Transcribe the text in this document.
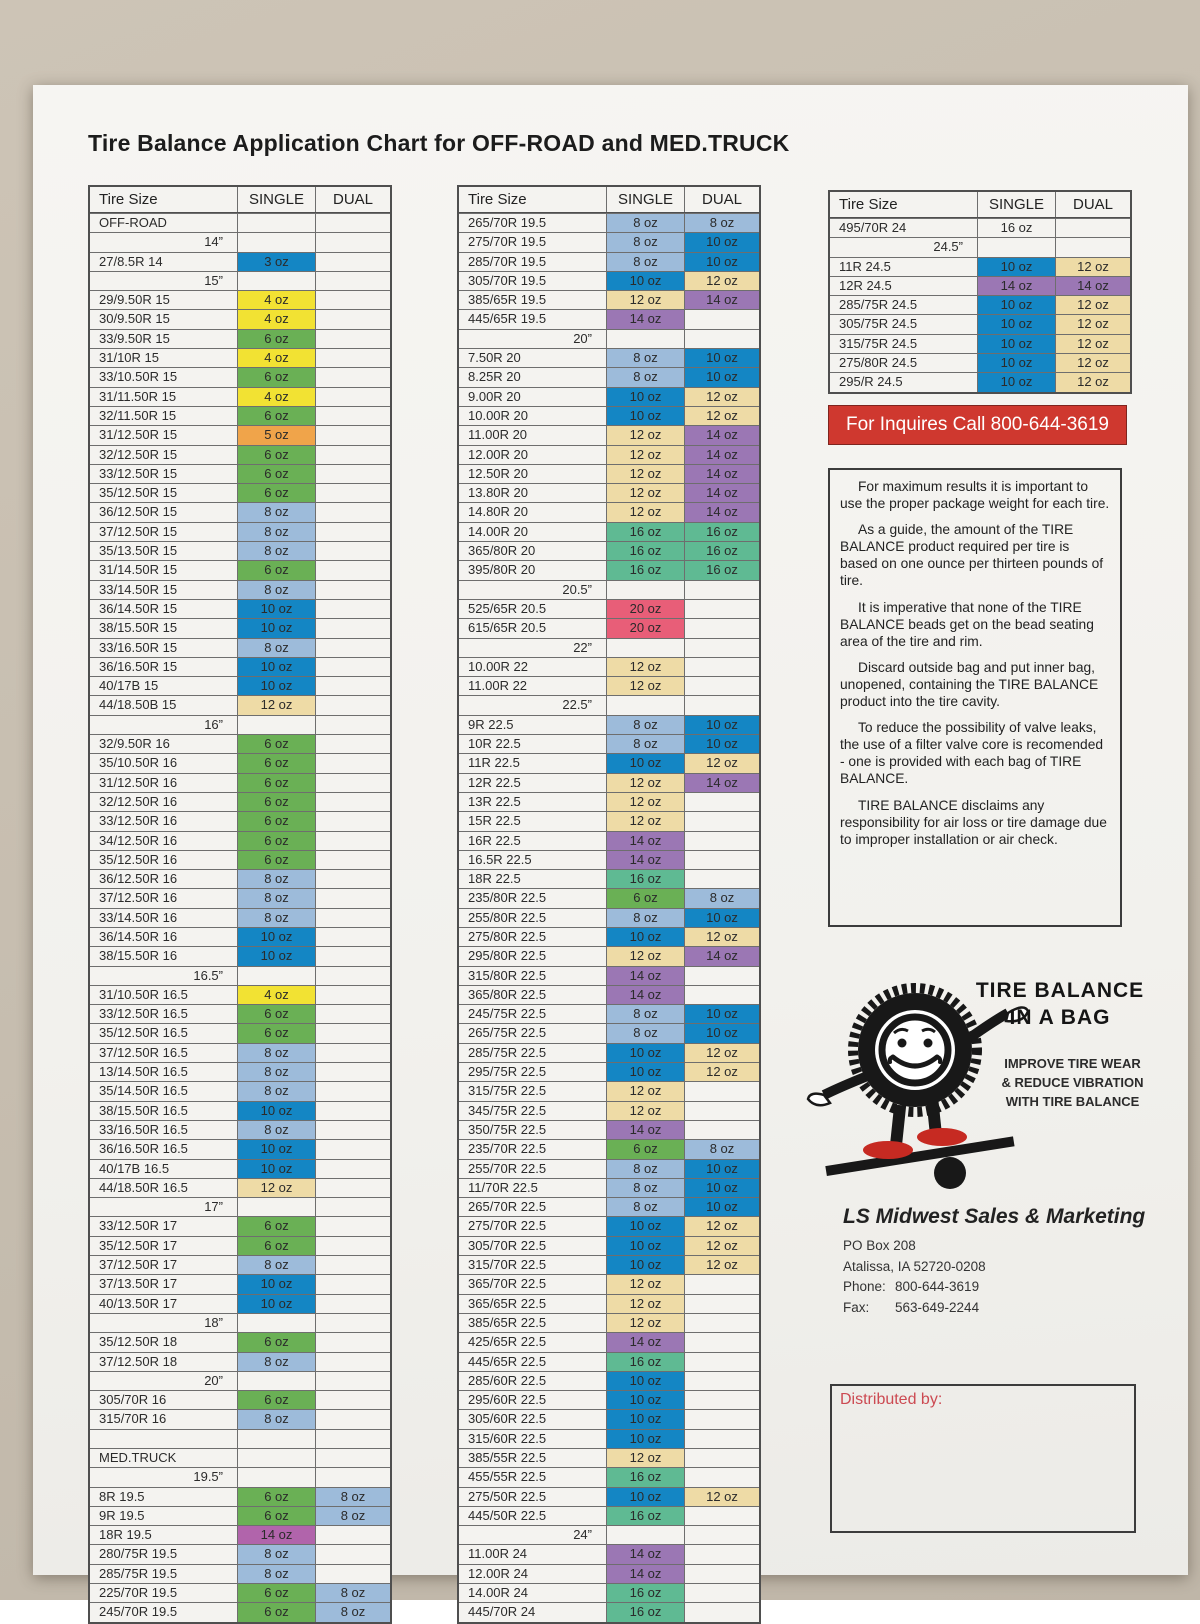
Tire Balance Application Chart for OFF-ROAD and MED.TRUCK
Tire Size	SINGLE	DUAL
OFF-ROAD
14”
27/8.5R 14	3 oz
15”
29/9.50R 15	4 oz
30/9.50R 15	4 oz
33/9.50R 15	6 oz
31/10R 15	4 oz
33/10.50R 15	6 oz
31/11.50R 15	4 oz
32/11.50R 15	6 oz
31/12.50R 15	5 oz
32/12.50R 15	6 oz
33/12.50R 15	6 oz
35/12.50R 15	6 oz
36/12.50R 15	8 oz
37/12.50R 15	8 oz
35/13.50R 15	8 oz
31/14.50R 15	6 oz
33/14.50R 15	8 oz
36/14.50R 15	10 oz
38/15.50R 15	10 oz
33/16.50R 15	8 oz
36/16.50R 15	10 oz
40/17B 15	10 oz
44/18.50B 15	12 oz
16”
32/9.50R 16	6 oz
35/10.50R 16	6 oz
31/12.50R 16	6 oz
32/12.50R 16	6 oz
33/12.50R 16	6 oz
34/12.50R 16	6 oz
35/12.50R 16	6 oz
36/12.50R 16	8 oz
37/12.50R 16	8 oz
33/14.50R 16	8 oz
36/14.50R 16	10 oz
38/15.50R 16	10 oz
16.5”
31/10.50R 16.5	4 oz
33/12.50R 16.5	6 oz
35/12.50R 16.5	6 oz
37/12.50R 16.5	8 oz
13/14.50R 16.5	8 oz
35/14.50R 16.5	8 oz
38/15.50R 16.5	10 oz
33/16.50R 16.5	8 oz
36/16.50R 16.5	10 oz
40/17B 16.5	10 oz
44/18.50R 16.5	12 oz
17”
33/12.50R 17	6 oz
35/12.50R 17	6 oz
37/12.50R 17	8 oz
37/13.50R 17	10 oz
40/13.50R 17	10 oz
18”
35/12.50R 18	6 oz
37/12.50R 18	8 oz
20”
305/70R 16	6 oz
315/70R 16	8 oz
MED.TRUCK
19.5”
8R 19.5	6 oz	8 oz
9R 19.5	6 oz	8 oz
18R 19.5	14 oz
280/75R 19.5	8 oz
285/75R 19.5	8 oz
225/70R 19.5	6 oz	8 oz
245/70R 19.5	6 oz	8 oz
Tire Size	SINGLE	DUAL
265/70R 19.5	8 oz	8 oz
275/70R 19.5	8 oz	10 oz
285/70R 19.5	8 oz	10 oz
305/70R 19.5	10 oz	12 oz
385/65R 19.5	12 oz	14 oz
445/65R 19.5	14 oz
20”
7.50R 20	8 oz	10 oz
8.25R 20	8 oz	10 oz
9.00R 20	10 oz	12 oz
10.00R 20	10 oz	12 oz
11.00R 20	12 oz	14 oz
12.00R 20	12 oz	14 oz
12.50R 20	12 oz	14 oz
13.80R 20	12 oz	14 oz
14.80R 20	12 oz	14 oz
14.00R 20	16 oz	16 oz
365/80R 20	16 oz	16 oz
395/80R 20	16 oz	16 oz
20.5”
525/65R 20.5	20 oz
615/65R 20.5	20 oz
22”
10.00R 22	12 oz
11.00R 22	12 oz
22.5”
9R 22.5	8 oz	10 oz
10R 22.5	8 oz	10 oz
11R 22.5	10 oz	12 oz
12R 22.5	12 oz	14 oz
13R 22.5	12 oz
15R 22.5	12 oz
16R 22.5	14 oz
16.5R 22.5	14 oz
18R 22.5	16 oz
235/80R 22.5	6 oz	8 oz
255/80R 22.5	8 oz	10 oz
275/80R 22.5	10 oz	12 oz
295/80R 22.5	12 oz	14 oz
315/80R 22.5	14 oz
365/80R 22.5	14 oz
245/75R 22.5	8 oz	10 oz
265/75R 22.5	8 oz	10 oz
285/75R 22.5	10 oz	12 oz
295/75R 22.5	10 oz	12 oz
315/75R 22.5	12 oz
345/75R 22.5	12 oz
350/75R 22.5	14 oz
235/70R 22.5	6 oz	8 oz
255/70R 22.5	8 oz	10 oz
11/70R 22.5	8 oz	10 oz
265/70R 22.5	8 oz	10 oz
275/70R 22.5	10 oz	12 oz
305/70R 22.5	10 oz	12 oz
315/70R 22.5	10 oz	12 oz
365/70R 22.5	12 oz
365/65R 22.5	12 oz
385/65R 22.5	12 oz
425/65R 22.5	14 oz
445/65R 22.5	16 oz
285/60R 22.5	10 oz
295/60R 22.5	10 oz
305/60R 22.5	10 oz
315/60R 22.5	10 oz
385/55R 22.5	12 oz
455/55R 22.5	16 oz
275/50R 22.5	10 oz	12 oz
445/50R 22.5	16 oz
24”
11.00R 24	14 oz
12.00R 24	14 oz
14.00R 24	16 oz
445/70R 24	16 oz
Tire Size	SINGLE	DUAL
495/70R 24	16 oz
24.5”
11R 24.5	10 oz	12 oz
12R 24.5	14 oz	14 oz
285/75R 24.5	10 oz	12 oz
305/75R 24.5	10 oz	12 oz
315/75R 24.5	10 oz	12 oz
275/80R 24.5	10 oz	12 oz
295/R 24.5	10 oz	12 oz
For Inquires Call 800-644-3619

For maximum results it is important to use the proper package weight for each tire.

As a guide, the amount of the TIRE BALANCE product required per tire is based on one ounce per thirteen pounds of tire.

It is imperative that none of the TIRE BALANCE beads get on the bead seating area of the tire and rim.

Discard outside bag and put inner bag, unopened, containing the TIRE BALANCE product into the tire cavity.

To reduce the possibility of valve leaks, the use of a filter valve core is recomended - one is provided with each bag of TIRE BALANCE.

TIRE BALANCE disclaims any responsibility for air loss or tire damage due to improper installation or air check.

TIRE BALANCE
IN A BAG
IMPROVE TIRE WEAR
& REDUCE VIBRATION
WITH TIRE BALANCE
LS Midwest Sales & Marketing
PO Box 208
Atalissa, IA 52720-0208
Phone: 800-644-3619
Fax: 563-649-2244
Distributed by:
